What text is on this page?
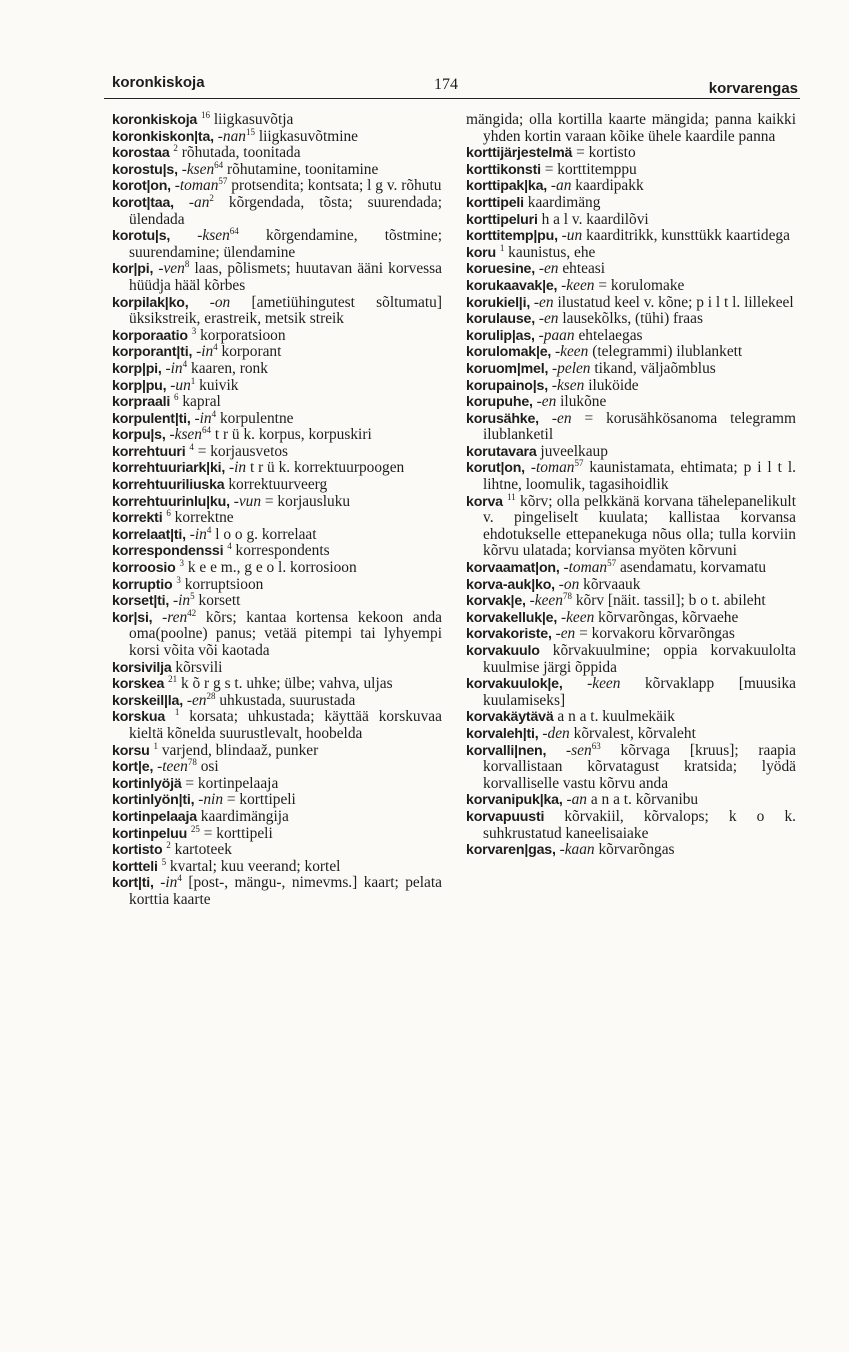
koronkiskoja	174	korvarengas

koronkiskoja $^{16}$ liigkasuvõtja

koronkiskon|ta, -nan$^{15}$ liigkasuvõtmine

korostaa $^2$ rõhutada, toonitada

korostu|s, -ksen$^{64}$ rõhutamine, toonitamine

korot|on, -toman$^{57}$ protsendita; kontsata; l g v. rõhutu

korot|taa, $-an^2$ kõrgendada, tõsta; suurendada; ülendada

korotu|s, -ksen$^{64}$ kõrgendamine, tõstmine; suurendamine; ülendamine

kor|pi, -ven$^8$ laas, põlismets; huutavan ääni korvessa hüüdja hääl kõrbes

korpilak|ko, -on [ametiühingutest sõltumatu] üksikstreik, erastreik, metsik streik

korporaatio $^3$ korporatsioon

korporant|ti, $-in^4$ korporant

korp|pi, $-in^4$ kaaren, ronk

korp|pu, $-un^1$ kuivik

korpraali $^6$ kapral

korpulent|ti, $-in^4$ korpulentne

korpu|s, -ksen$^{64}$ t r ü k. korpus, korpuskiri

korrehtuuri $^4$ = korjausvetos

korrehtuuriark|ki, -in t r ü k. korrektuurpoogen

korrehtuuriliuska korrektuurveerg

korrehtuurinlu|ku, -vun = korjausluku

korrekti $^6$ korrektne

korrelaat|ti, $-in^4$ l o o g. korrelaat

korrespondenssi $^4$ korrespondents

korroosio $^3$ k e e m., g e o l. korrosioon

korruptio $^3$ korruptsioon

korset|ti, $-in^5$ korsett

kor|si, -ren$^{42}$ kõrs; kantaa kortensa kekoon anda oma(poolne) panus; vetää pitempi tai lyhyempi korsi võita või kaotada

korsivilja kõrsvili

korskea $^{21}$ k õ r g s t. uhke; ülbe; vahva, uljas

korskeil|la, $-en^{28}$ uhkustada, suurustada

korskua $^1$ korsata; uhkustada; käyttää korskuvaa kieltä kõnelda suurustlevalt, hoobelda

korsu $^1$ varjend, blindaaž, punker

kort|e, -teen$^{78}$ osi

kortinlyöjä = kortinpelaaja

kortinlyön|ti, -nin = korttipeli

kortinpelaaja kaardimängija

kortinpeluu $^{25}$ = korttipeli

kortisto $^2$ kartoteek

kortteli $^5$ kvartal; kuu veerand; kortel

kort|ti, $-in^4$ [post-, mängu-, nimevms.] kaart; pelata korttia kaarte

mängida; olla kortilla kaarte mängida; panna kaikki yhden kortin varaan kõike ühele kaardile panna

korttijärjestelmä = kortisto

korttikonsti = korttitemppu

korttipak|ka, -an kaardipakk

korttipeli kaardimäng

korttipeluri h a l v. kaardilõvi

korttitemp|pu, -un kaarditrikk, kunsttükk kaartidega

koru $^1$ kaunistus, ehe

koruesine, -en ehteasi

korukaavak|e, -keen = korulomake

korukiel|i, -en ilustatud keel v. kõne; p i l t l. lillekeel

korulause, -en lausekõlks, (tühi) fraas

korulip|as, -paan ehtelaegas

korulomak|e, -keen (telegrammi) ilublankett

koruom|mel, -pelen tikand, väljaõmblus

korupaino|s, -ksen iluköide

korupuhe, -en ilukõne

korusähke, -en = korusähkösanoma telegramm ilublanketil

korutavara juveelkaup

korut|on, -toman$^{57}$ kaunistamata, ehtimata; p i l t l. lihtne, loomulik, tagasihoidlik

korva $^{11}$ kõrv; olla pelkkänä korvana tähelepanelikult v. pingeliselt kuulata; kallistaa korvansa ehdotukselle ettepanekuga nõus olla; tulla korviin kõrvu ulatada; korviansa myöten kõrvuni

korvaamat|on, -toman$^{57}$ asendamatu, korvamatu

korva-auk|ko, -on kõrvaauk

korvak|e, -keen$^{78}$ kõrv [näit. tassil]; b o t. abileht

korvakelluk|e, -keen kõrvarõngas, kõrvaehe

korvakoriste, -en = korvakoru kõrvarõngas

korvakuulo kõrvakuulmine; oppia korvakuulolta kuulmise järgi õppida

korvakuulok|e, -keen kõrvaklapp [muusika kuulamiseks]

korvakäytävä a n a t. kuulmekäik

korvaleh|ti, -den kõrvalest, kõrvaleht

korvalli|nen, -sen$^{63}$ kõrvaga [kruus]; raapia korvallistaan kõrvatagust kratsida; lyödä korvalliselle vastu kõrvu anda

korvanipuk|ka, -an a n a t. kõrvanibu

korvapuusti kõrvakiil, kõrvalops; k o k. suhkrustatud kaneelisaiake

korvaren|gas, -kaan kõrvarõngas
